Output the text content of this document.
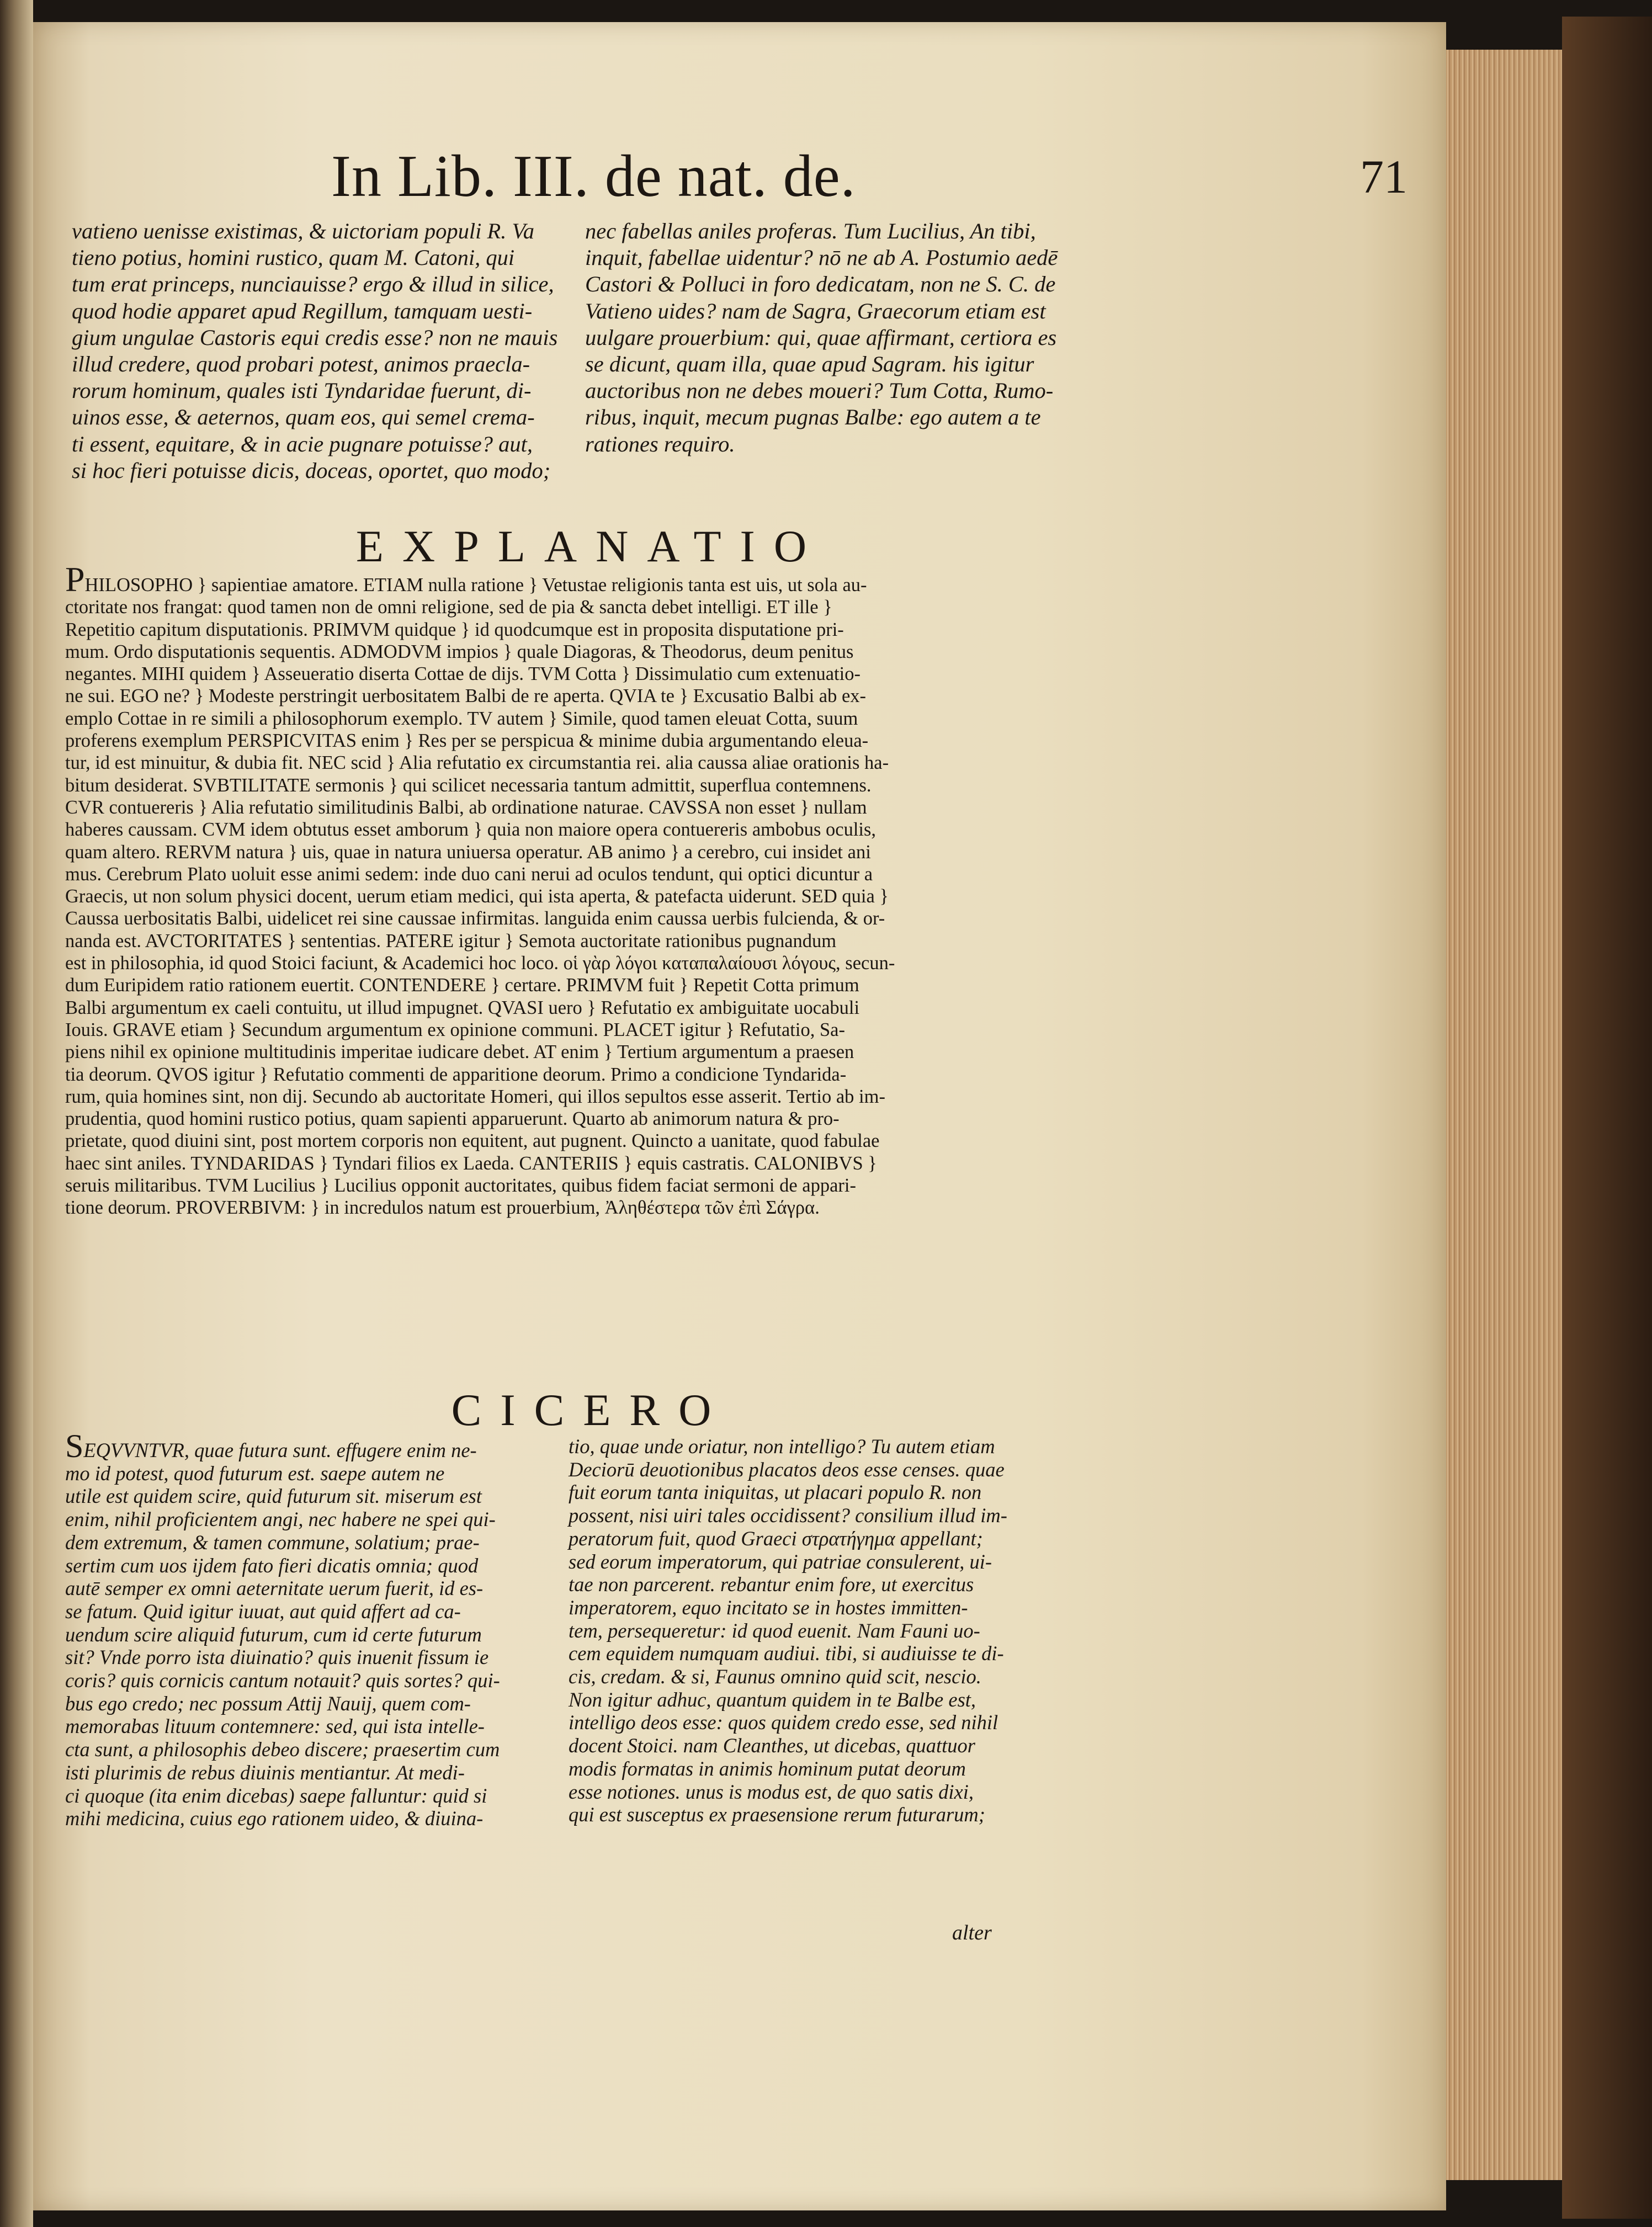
In Lib. III. de nat. de.	71
vatieno uenisse existimas, & uictoriam populi R. Va
tieno potius, homini rustico, quam M. Catoni, qui
tum erat princeps, nunciauisse? ergo & illud in silice,
quod hodie apparet apud Regillum, tamquam uesti-
gium ungulae Castoris equi credis esse? non ne mauis
illud credere, quod probari potest, animos praecla-
rorum hominum, quales isti Tyndaridae fuerunt, di-
uinos esse, & aeternos, quam eos, qui semel crema-
ti essent, equitare, & in acie pugnare potuisse? aut,
si hoc fieri potuisse dicis, doceas, oportet, quo modo;
nec fabellas aniles proferas. Tum Lucilius, An tibi,
inquit, fabellae uidentur? nō ne ab A. Postumio aedē
Castori & Polluci in foro dedicatam, non ne S. C. de
Vatieno uides? nam de Sagra, Graecorum etiam est
uulgare prouerbium: qui, quae affirmant, certiora es
se dicunt, quam illa, quae apud Sagram. his igitur
auctoribus non ne debes moueri? Tum Cotta, Rumo-
ribus, inquit, mecum pugnas Balbe: ego autem a te
rationes requiro.
EXPLANATIO
PHILOSOPHO } sapientiae amatore. ETIAM nulla ratione } Vetustae religionis tanta est uis, ut sola au-
ctoritate nos frangat: quod tamen non de omni religione, sed de pia & sancta debet intelligi. ET ille }
Repetitio capitum disputationis. PRIMVM quidque } id quodcumque est in proposita disputatione pri-
mum. Ordo disputationis sequentis. ADMODVM impios } quale Diagoras, & Theodorus, deum penitus
negantes. MIHI quidem } Asseueratio diserta Cottae de dijs. TVM Cotta } Dissimulatio cum extenuatio-
ne sui. EGO ne? } Modeste perstringit uerbositatem Balbi de re aperta. QVIA te } Excusatio Balbi ab ex-
emplo Cottae in re simili a philosophorum exemplo. TV autem } Simile, quod tamen eleuat Cotta, suum
proferens exemplum PERSPICVITAS enim } Res per se perspicua & minime dubia argumentando eleua-
tur, id est minuitur, & dubia fit. NEC scid } Alia refutatio ex circumstantia rei. alia caussa aliae orationis ha-
bitum desiderat. SVBTILITATE sermonis } qui scilicet necessaria tantum admittit, superflua contemnens.
CVR contuereris } Alia refutatio similitudinis Balbi, ab ordinatione naturae. CAVSSA non esset } nullam
haberes caussam. CVM idem obtutus esset amborum } quia non maiore opera contuereris ambobus oculis,
quam altero. RERVM natura } uis, quae in natura uniuersa operatur. AB animo } a cerebro, cui insidet ani
mus. Cerebrum Plato uoluit esse animi sedem: inde duo cani nerui ad oculos tendunt, qui optici dicuntur a
Graecis, ut non solum physici docent, uerum etiam medici, qui ista aperta, & patefacta uiderunt. SED quia }
Caussa uerbositatis Balbi, uidelicet rei sine caussae infirmitas. languida enim caussa uerbis fulcienda, & or-
nanda est. AVCTORITATES } sententias. PATERE igitur } Semota auctoritate rationibus pugnandum
est in philosophia, id quod Stoici faciunt, & Academici hoc loco. οἱ γὰρ λόγοι καταπαλαίουσι λόγους, secun-
dum Euripidem ratio rationem euertit. CONTENDERE } certare. PRIMVM fuit } Repetit Cotta primum
Balbi argumentum ex caeli contuitu, ut illud impugnet. QVASI uero } Refutatio ex ambiguitate uocabuli
Iouis. GRAVE etiam } Secundum argumentum ex opinione communi. PLACET igitur } Refutatio, Sa-
piens nihil ex opinione multitudinis imperitae iudicare debet. AT enim } Tertium argumentum a praesen
tia deorum. QVOS igitur } Refutatio commenti de apparitione deorum. Primo a condicione Tyndarida-
rum, quia homines sint, non dij. Secundo ab auctoritate Homeri, qui illos sepultos esse asserit. Tertio ab im-
prudentia, quod homini rustico potius, quam sapienti apparuerunt. Quarto ab animorum natura & pro-
prietate, quod diuini sint, post mortem corporis non equitent, aut pugnent. Quincto a uanitate, quod fabulae
haec sint aniles. TYNDARIDAS } Tyndari filios ex Laeda. CANTERIIS } equis castratis. CALONIBVS }
seruis militaribus. TVM Lucilius } Lucilius opponit auctoritates, quibus fidem faciat sermoni de appari-
tione deorum. PROVERBIVM: } in incredulos natum est prouerbium, Ἀληθέστερα τῶν ἐπὶ Σάγρα.
CICERO
SEQVVNTVR, quae futura sunt. effugere enim ne-
mo id potest, quod futurum est. saepe autem ne
utile est quidem scire, quid futurum sit. miserum est
enim, nihil proficientem angi, nec habere ne spei qui-
dem extremum, & tamen commune, solatium; prae-
sertim cum uos ijdem fato fieri dicatis omnia; quod
autē semper ex omni aeternitate uerum fuerit, id es-
se fatum. Quid igitur iuuat, aut quid affert ad ca-
uendum scire aliquid futurum, cum id certe futurum
sit? Vnde porro ista diuinatio? quis inuenit fissum ie
coris? quis cornicis cantum notauit? quis sortes? qui-
bus ego credo; nec possum Attij Nauij, quem com-
memorabas lituum contemnere: sed, qui ista intelle-
cta sunt, a philosophis debeo discere; praesertim cum
isti plurimis de rebus diuinis mentiantur. At medi-
ci quoque (ita enim dicebas) saepe falluntur: quid si
mihi medicina, cuius ego rationem uideo, & diuina-
tio, quae unde oriatur, non intelligo? Tu autem etiam
Deciorū deuotionibus placatos deos esse censes. quae
fuit eorum tanta iniquitas, ut placari populo R. non
possent, nisi uiri tales occidissent? consilium illud im-
peratorum fuit, quod Graeci στρατήγημα appellant;
sed eorum imperatorum, qui patriae consulerent, ui-
tae non parcerent. rebantur enim fore, ut exercitus
imperatorem, equo incitato se in hostes immitten-
tem, persequeretur: id quod euenit. Nam Fauni uo-
cem equidem numquam audiui. tibi, si audiuisse te di-
cis, credam. & si, Faunus omnino quid scit, nescio.
Non igitur adhuc, quantum quidem in te Balbe est,
intelligo deos esse: quos quidem credo esse, sed nihil
docent Stoici. nam Cleanthes, ut dicebas, quattuor
modis formatas in animis hominum putat deorum
esse notiones. unus is modus est, de quo satis dixi,
qui est susceptus ex praesensione rerum futurarum;
alter
